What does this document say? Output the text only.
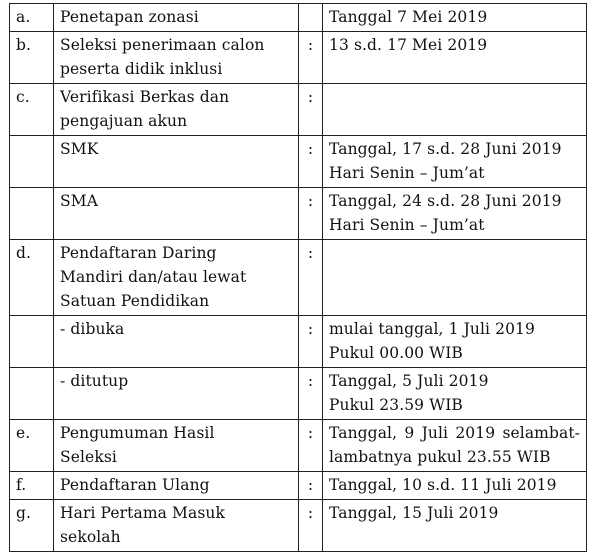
a.	Penetapan zonasi		Tanggal 7 Mei 2019

b.	Seleksi penerimaan calon
peserta didik inklusi	:	13 s.d. 17 Mei 2019

c.	Verifikasi Berkas dan
pengajuan akun	:	

	SMK	:	Tanggal, 17 s.d. 28 Juni 2019
Hari Senin – Jum’at

	SMA	:	Tanggal, 24 s.d. 28 Juni 2019
Hari Senin – Jum’at

d.	Pendaftaran Daring
Mandiri dan/atau lewat
Satuan Pendidikan	:	

	- dibuka	:	mulai tanggal, 1 Juli 2019
Pukul 00.00 WIB

	- ditutup	:	Tanggal, 5 Juli 2019
Pukul 23.59 WIB

e.	Pengumuman Hasil
Seleksi	:	Tanggal, 9 Juli 2019 selambat-
lambatnya pukul 23.55 WIB

f.	Pendaftaran Ulang	:	Tanggal, 10 s.d. 11 Juli 2019

g.	Hari Pertama Masuk
sekolah	:	Tanggal, 15 Juli 2019
